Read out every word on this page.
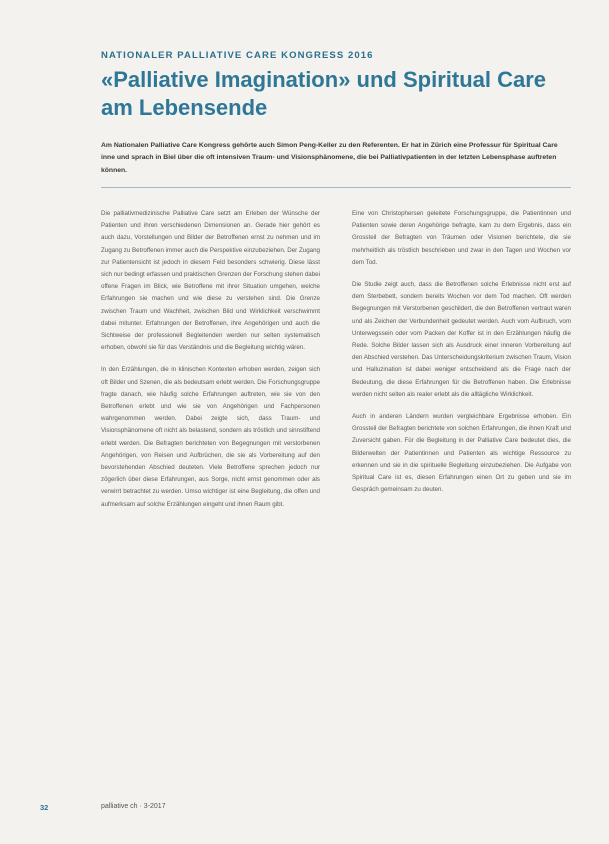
NATIONALER PALLIATIVE CARE KONGRESS 2016
«Palliative Imagination» und Spiritual Care am Lebensende
Am Nationalen Palliative Care Kongress gehörte auch Simon Peng-Keller zu den Referenten. Er hat in Zürich eine Professur für Spiritual Care inne und sprach in Biel über die oft intensiven Traum- und Visionsphänomene, die bei Palliativpatienten in der letzten Lebensphase auftreten können.

Die palliativmedizinische Palliative Care setzt am Erleben der Wünsche der Patienten und ihren verschiedenen Dimensionen an. Gerade hier gehört es auch dazu, Vorstellungen und Bilder der Betroffenen ernst zu nehmen und im Zugang zu Betroffenen immer auch die Perspektive einzubeziehen. Der Zugang zur Patientensicht ist jedoch in diesem Feld besonders schwierig. Diese lässt sich nur bedingt erfassen und praktischen Grenzen der Forschung stehen dabei offene Fragen im Blick, wie Betroffene mit ihrer Situation umgehen, welche Erfahrungen sie machen und wie diese zu verstehen sind. Die Grenze zwischen Traum und Wachheit, zwischen Bild und Wirklichkeit verschwimmt dabei mitunter. Erfahrungen der Betroffenen, ihre Angehörigen und auch die Sichtweise der professionell Begleitenden werden nur selten systematisch erhoben, obwohl sie für das Verständnis und die Begleitung wichtig wären.

In den Erzählungen, die in klinischen Kontexten erhoben werden, zeigen sich oft Bilder und Szenen, die als bedeutsam erlebt werden. Die Forschungsgruppe fragte danach, wie häufig solche Erfahrungen auftreten, wie sie von den Betroffenen erlebt und wie sie von Angehörigen und Fachpersonen wahrgenommen werden. Dabei zeigte sich, dass Traum- und Visionsphänomene oft nicht als belastend, sondern als tröstlich und sinnstiftend erlebt werden. Die Befragten berichteten von Begegnungen mit verstorbenen Angehörigen, von Reisen und Aufbrüchen, die sie als Vorbereitung auf den bevorstehenden Abschied deuteten. Viele Betroffene sprechen jedoch nur zögerlich über diese Erfahrungen, aus Sorge, nicht ernst genommen oder als verwirrt betrachtet zu werden. Umso wichtiger ist eine Begleitung, die offen und aufmerksam auf solche Erzählungen eingeht und ihnen Raum gibt.

Eine von Christophersen geleitete Forschungsgruppe, die Patientinnen und Patienten sowie deren Angehörige befragte, kam zu dem Ergebnis, dass ein Grossteil der Befragten von Träumen oder Visionen berichtete, die sie mehrheitlich als tröstlich beschrieben und zwar in den Tagen und Wochen vor dem Tod.

Die Studie zeigt auch, dass die Betroffenen solche Erlebnisse nicht erst auf dem Sterbebett, sondern bereits Wochen vor dem Tod machen. Oft werden Begegnungen mit Verstorbenen geschildert, die den Betroffenen vertraut waren und als Zeichen der Verbundenheit gedeutet werden. Auch vom Aufbruch, vom Unterwegssein oder vom Packen der Koffer ist in den Erzählungen häufig die Rede. Solche Bilder lassen sich als Ausdruck einer inneren Vorbereitung auf den Abschied verstehen. Das Unterscheidungskriterium zwischen Traum, Vision und Halluzination ist dabei weniger entscheidend als die Frage nach der Bedeutung, die diese Erfahrungen für die Betroffenen haben. Die Erlebnisse werden nicht selten als realer erlebt als die alltägliche Wirklichkeit.

Auch in anderen Ländern wurden vergleichbare Ergebnisse erhoben. Ein Grossteil der Befragten berichtete von solchen Erfahrungen, die ihnen Kraft und Zuversicht gaben. Für die Begleitung in der Palliative Care bedeutet dies, die Bilderwelten der Patientinnen und Patienten als wichtige Ressource zu erkennen und sie in die spirituelle Begleitung einzubeziehen. Die Aufgabe von Spiritual Care ist es, diesen Erfahrungen einen Ort zu geben und sie im Gespräch gemeinsam zu deuten.

32	palliative ch · 3-2017
